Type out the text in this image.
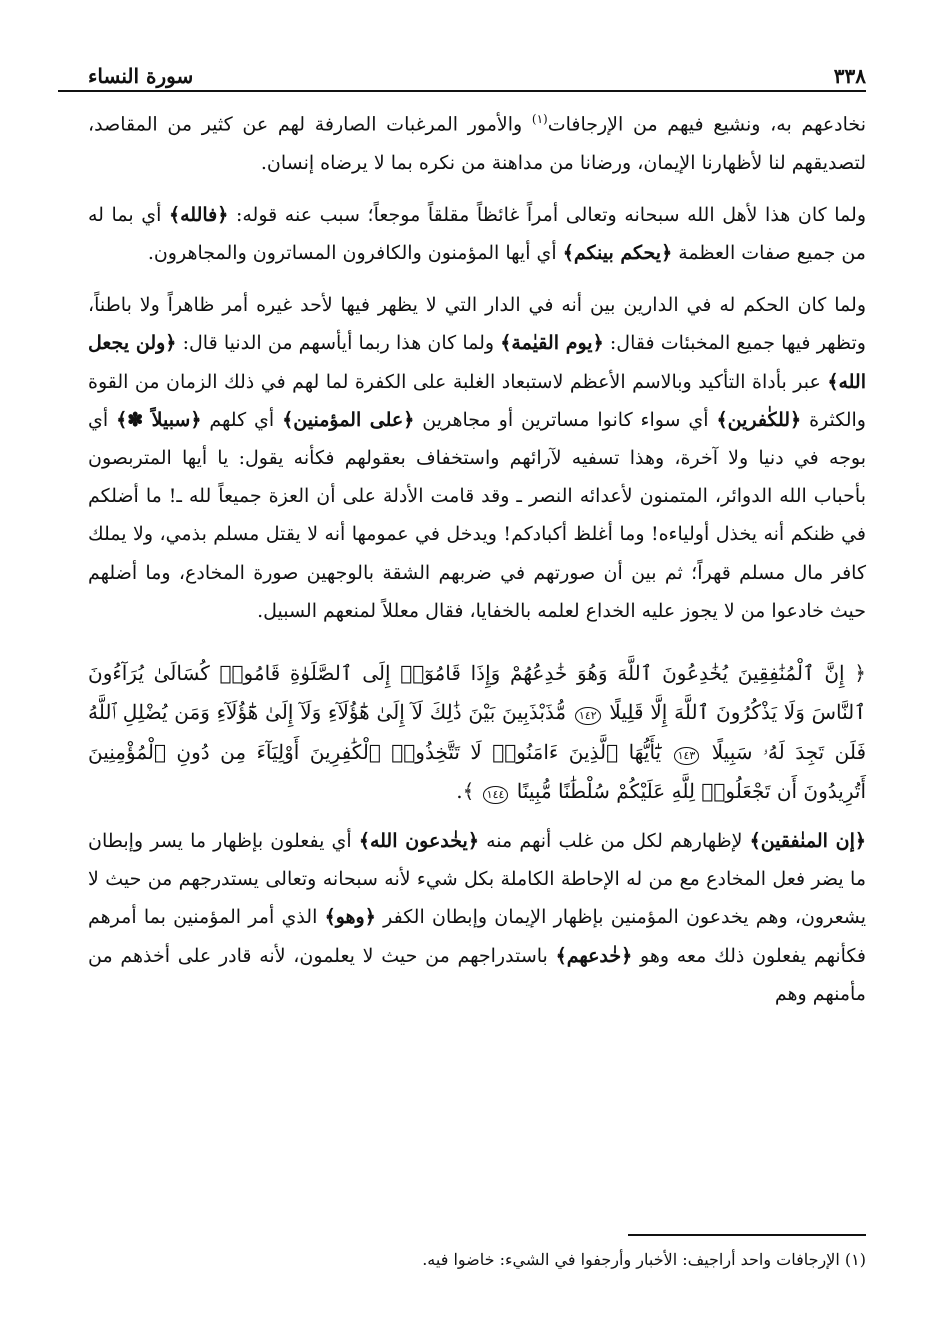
٣٣٨
سورة النساء

نخادعهم به، ونشيع فيهم من الإرجافات$^{(١)}$ والأمور المرغبات الصارفة لهم عن كثير من المقاصد، لتصديقهم لنا لأظهارنا الإيمان، ورضانا من مداهنة من نكره بما لا يرضاه إنسان.

ولما كان هذا لأهل الله سبحانه وتعالى أمراً غائظاً مقلقاً موجعاً؛ سبب عنه قوله: ﴿فالله﴾ أي بما له من جميع صفات العظمة ﴿يحكم بينكم﴾ أي أيها المؤمنون والكافرون المساترون والمجاهرون.

ولما كان الحكم له في الدارين بين أنه في الدار التي لا يظهر فيها لأحد غيره أمر ظاهراً ولا باطناً، وتظهر فيها جميع المخبئات فقال: ﴿يوم القيٰمة﴾ ولما كان هذا ربما أيأسهم من الدنيا قال: ﴿ولن يجعل الله﴾ عبر بأداة التأكيد وبالاسم الأعظم لاستبعاد الغلبة على الكفرة لما لهم في ذلك الزمان من القوة والكثرة ﴿للكٰفرين﴾ أي سواء كانوا مساترين أو مجاهرين ﴿على المؤمنين﴾ أي كلهم ﴿سبيلاً ✽﴾ أي بوجه في دنيا ولا آخرة، وهذا تسفيه لآرائهم واستخفاف بعقولهم فكأنه يقول: يا أيها المتربصون بأحباب الله الدوائر، المتمنون لأعدائه النصر ـ وقد قامت الأدلة على أن العزة جميعاً لله ـ! ما أضلكم في ظنكم أنه يخذل أولياءه! وما أغلظ أكبادكم! ويدخل في عمومها أنه لا يقتل مسلم بذمي، ولا يملك كافر مال مسلم قهراً؛ ثم بين أن صورتهم في ضربهم الشقة بالوجهين صورة المخادع، وما أضلهم حيث خادعوا من لا يجوز عليه الخداع لعلمه بالخفايا، فقال معللاً لمنعهم السبيل.

﴿ إِنَّ ٱلْمُنَٰفِقِينَ يُخَٰدِعُونَ ٱللَّهَ وَهُوَ خَٰدِعُهُمْ وَإِذَا قَامُوٓا۟ إِلَى ٱلصَّلَوٰةِ قَامُوا۟ كُسَالَىٰ يُرَآءُونَ ٱلنَّاسَ وَلَا يَذْكُرُونَ ٱللَّهَ إِلَّا قَلِيلًا ١٤٢ مُّذَبْذَبِينَ بَيْنَ ذَٰلِكَ لَآ إِلَىٰ هَٰٓؤُلَآءِ وَلَآ إِلَىٰ هَٰٓؤُلَآءِ وَمَن يُضْلِلِ ٱللَّهُ فَلَن تَجِدَ لَهُۥ سَبِيلًا ١٤٣ يَٰٓأَيُّهَا ٱلَّذِينَ ءَامَنُوا۟ لَا تَتَّخِذُوا۟ ٱلْكَٰفِرِينَ أَوْلِيَآءَ مِن دُونِ ٱلْمُؤْمِنِينَ أَتُرِيدُونَ أَن تَجْعَلُوا۟ لِلَّهِ عَلَيْكُمْ سُلْطَٰنًا مُّبِينًا ١٤٤ ﴾.

﴿إن المنٰفقين﴾ لإظهارهم لكل من غلب أنهم منه ﴿يخٰدعون الله﴾ أي يفعلون بإظهار ما يسر وإبطان ما يضر فعل المخادع مع من له الإحاطة الكاملة بكل شيء لأنه سبحانه وتعالى يستدرجهم من حيث لا يشعرون، وهم يخدعون المؤمنين بإظهار الإيمان وإبطان الكفر ﴿وهو﴾ الذي أمر المؤمنين بما أمرهم فكأنهم يفعلون ذلك معه وهو ﴿خٰدعهم﴾ باستدراجهم من حيث لا يعلمون، لأنه قادر على أخذهم من مأمنهم وهم

(١) الإرجافات واحد أراجيف: الأخبار وأرجفوا في الشيء: خاضوا فيه.
